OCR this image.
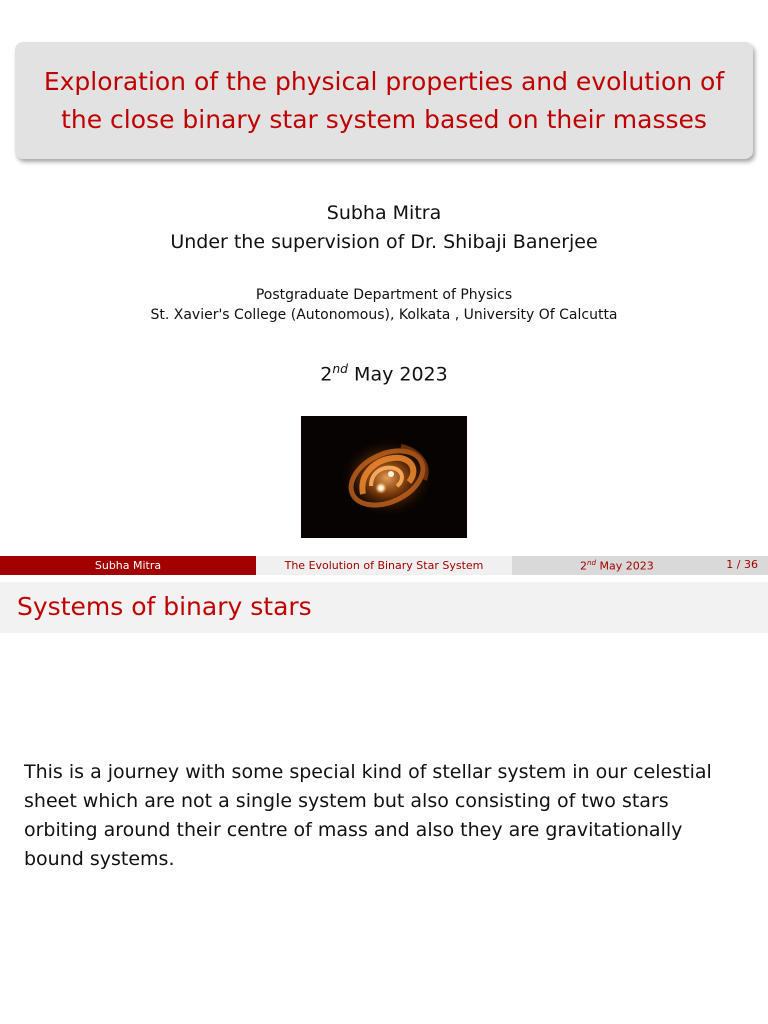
Exploration of the physical properties and evolution of
the close binary star system based on their masses
Subha Mitra
Under the supervision of Dr. Shibaji Banerjee
Postgraduate Department of Physics
St. Xavier's College (Autonomous), Kolkata , University Of Calcutta
2nd May 2023
Subha Mitra	The Evolution of Binary Star System	2nd May 2023	1 / 36
Systems of binary stars
This is a journey with some special kind of stellar system in our celestial
sheet which are not a single system but also consisting of two stars
orbiting around their centre of mass and also they are gravitationally
bound systems.
